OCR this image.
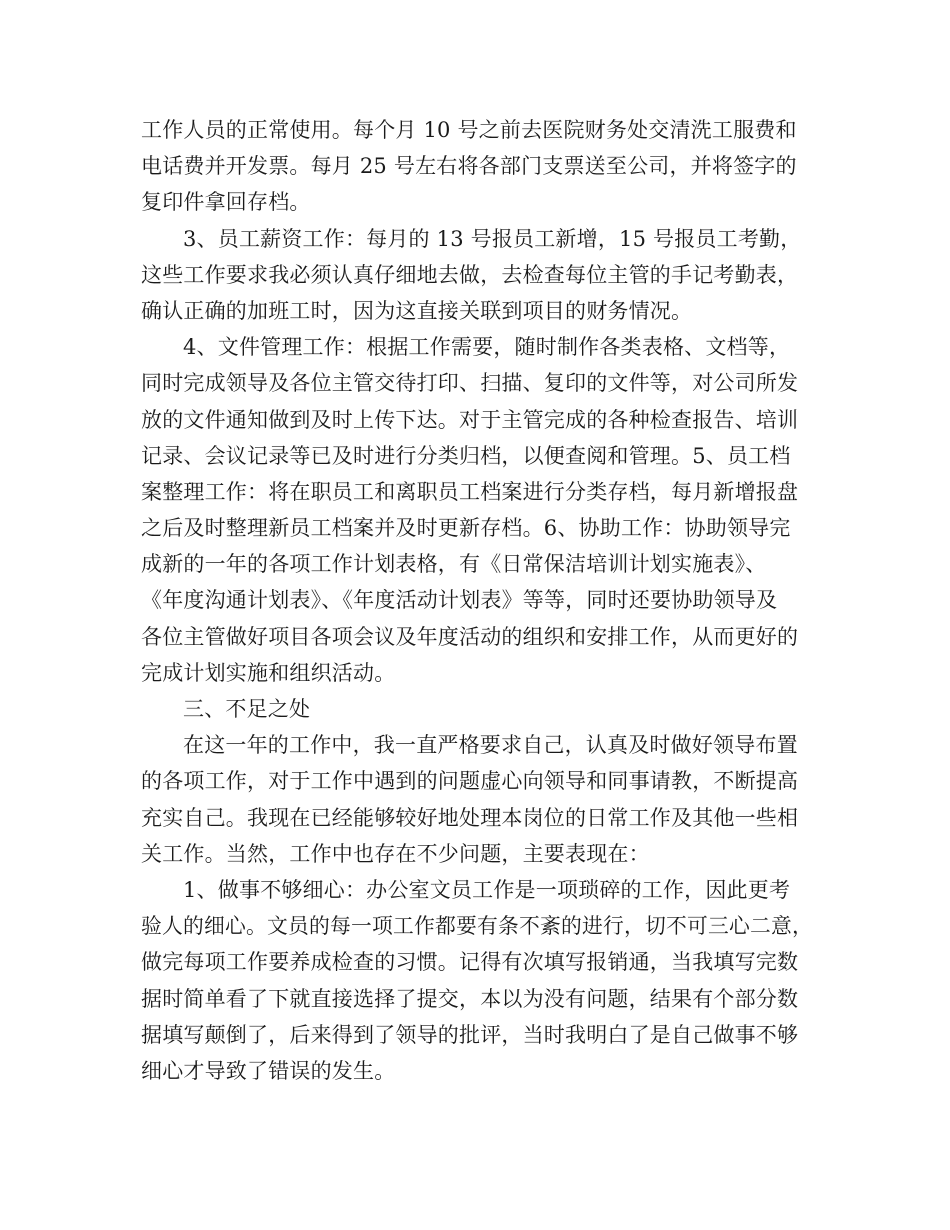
工作人员的正常使用。每个月 10 号之前去医院财务处交清洗工服费和
电话费并开发票。每月 25 号左右将各部门支票送至公司，并将签字的
复印件拿回存档。
3、员工薪资工作：每月的 13 号报员工新增，15 号报员工考勤，
这些工作要求我必须认真仔细地去做，去检查每位主管的手记考勤表，
确认正确的加班工时，因为这直接关联到项目的财务情况。
4、文件管理工作：根据工作需要，随时制作各类表格、文档等，
同时完成领导及各位主管交待打印、扫描、复印的文件等，对公司所发
放的文件通知做到及时上传下达。对于主管完成的各种检查报告、培训
记录、会议记录等已及时进行分类归档，以便查阅和管理。5、员工档
案整理工作：将在职员工和离职员工档案进行分类存档，每月新增报盘
之后及时整理新员工档案并及时更新存档。6、协助工作：协助领导完
成新的一年的各项工作计划表格，有《日常保洁培训计划实施表》、
《年度沟通计划表》、《年度活动计划表》等等，同时还要协助领导及
各位主管做好项目各项会议及年度活动的组织和安排工作，从而更好的
完成计划实施和组织活动。
三、不足之处
在这一年的工作中，我一直严格要求自己，认真及时做好领导布置
的各项工作，对于工作中遇到的问题虚心向领导和同事请教，不断提高
充实自己。我现在已经能够较好地处理本岗位的日常工作及其他一些相
关工作。当然，工作中也存在不少问题，主要表现在：
1、做事不够细心：办公室文员工作是一项琐碎的工作，因此更考
验人的细心。文员的每一项工作都要有条不紊的进行，切不可三心二意，
做完每项工作要养成检查的习惯。记得有次填写报销通，当我填写完数
据时简单看了下就直接选择了提交，本以为没有问题，结果有个部分数
据填写颠倒了，后来得到了领导的批评，当时我明白了是自己做事不够
细心才导致了错误的发生。
